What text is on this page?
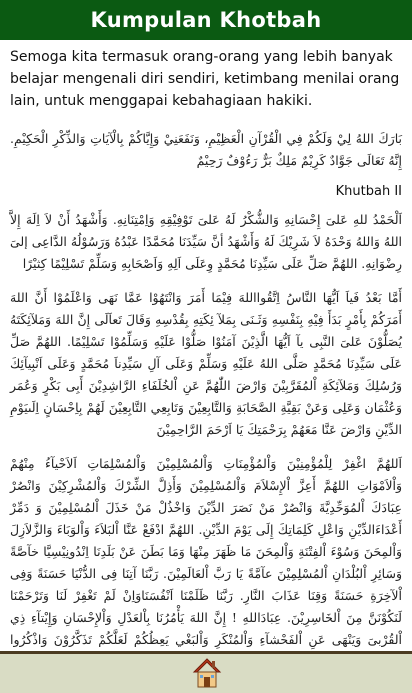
Kumpulan Khotbah
Semoga kita termasuk orang-orang yang lebih banyak belajar mengenali diri sendiri, ketimbang menilai orang lain, untuk menggapai kebahagiaan hakiki.
بَارَكَ اللهُ لِيْ وَلَكُمْ فِي الْقُرْآنِ الْعَظِيْمِ، وَنَفَعَنِيْ وَإِيَّاكُمْ بِالْآيَاتِ وَالذِّكْرِ الْحَكِيْمِ. إِنَّهُ تَعَالَى جَوَّادٌ كَرِيْمٌ مَلِكٌ بَرٌّ رَءُوْفٌ رَحِيْمٌ
Khutbah II
اَلْحَمْدُ للهِ عَلىَ إِحْسَانِهِ وَالشُّكْرُ لَهُ عَلىَ تَوْفِيْقِهِ وَاِمْتِنَانِهِ. وَأَشْهَدُ أَنْ لاَ اِلَهَ إِلاَّ اللهُ وَاللهُ وَحْدَهُ لاَ شَرِيْكَ لَهُ وَأَشْهَدُ أنَّ سَيِّدَنَا مُحَمَّدًا عَبْدُهُ وَرَسُوْلُهُ الدَّاعِى إلىَ رِضْوَانِهِ. اللهُمَّ صَلِّ عَلَى سَيِّدِنَا مُحَمَّدٍ وِعَلَى اَلِهِ وَاَصْحَابِهِ وَسَلِّمْ تَسْلِيْمًا كِثيْرًا
أَمَّا بَعْدُ فَياَ اَيُّهَا النَّاسُ اِتَّقُوااللهَ فِيْمَا أَمَرَ وَانْتَهُوْا عَمَّا نَهَى وَاعْلَمُوْا أَنَّ اللهَ أَمَرَكُمْ بِأَمْرٍ بَدَأَ فِيْهِ بِنَفْسِهِ وَثَـنَى بِمَلآ ئِكَتِهِ بِقُدْسِهِ وَقَالَ تَعاَلَى إِنَّ اللهَ وَمَلآئِكَتَهُ يُصَلُّوْنَ عَلىَ النَّبِى يآ اَيُّهَا الَّذِيْنَ آمَنُوْا صَلُّوْا عَلَيْهِ وَسَلِّمُوْا تَسْلِيْمًا. اللهُمَّ صَلِّ عَلَى سَيِّدِنَا مُحَمَّدٍ صَلَّى اللهُ عَلَيْهِ وَسَلِّمْ وَعَلَى آلِ سَيِّدِناَ مُحَمَّدٍ وَعَلَى اَنْبِيآئِكَ وَرُسُلِكَ وَمَلآئِكَةِ اْلمُقَرَّبِيْنَ وَارْضَ اللّٰهُمَّ عَنِ اْلخُلَفَاءِ الرَّاشِدِيْنَ أَبِى بَكْرٍ وَعُمَر وَعُثْمَان وَعَلِى وَعَنْ بَقِيَّةِ الصَّحَابَةِ وَالتَّابِعِيْنَ وَتَابِعِي التَّابِعِيْنَ لَهُمْ بِاِحْسَانٍ اِلَىيَوْمِ الدِّيْنِ وَارْضَ عَنَّا مَعَهُمْ بِرَحْمَتِكَ يَا اَرْحَمَ الرَّاحِمِيْنَ
اَللهُمَّ اغْفِرْ لِلْمُؤْمِنِيْنَ وَاْلمُؤْمِنَاتِ وَاْلمُسْلِمِيْنَ وَاْلمُسْلِمَاتِ اَلاَحْيآءُ مِنْهُمْ وَاْلاَمْوَاتِ اللهُمَّ أَعِزَّ اْلإِسْلاَمَ وَاْلمُسْلِمِيْنَ وَأَذِلَّ الشِّرْكَ وَاْلمُشْرِكِيْنَ وَانْصُرْ عِبَادَكَ اْلمُوَحِّدِيَّةَ وَانْصُرْ مَنْ نَصَرَ الدِّيْنَ وَاخْذُلْ مَنْ خَذَلَ اْلمُسْلِمِيْنَ وَ دَمِّرْ أَعْدَاءَالدِّيْنِ وَاعْلِ كَلِمَاتِكَ إِلَى يَوْمَ الدِّيْنِ. اللهُمَّ ادْفَعْ عَنَّا اْلبَلاَءَ وَاْلوَبَاءَ وَالزَّلاَزِلَ وَاْلمِحَنَ وَسُوْءَ اْلفِتْنَةِ وَاْلمِحَنَ مَا ظَهَرَ مِنْهَا وَمَا بَطَنَ عَنْ بَلَدِنَا اِنْدُونِيْسِيَّا خآصَّةً وَسَائِرِ اْلبُلْدَانِ اْلمُسْلِمِيْنَ عآمَّةً يَا رَبَّ اْلعَالَمِيْنَ. رَبَّنَا آتِنَا فِى الدُّنْيَا حَسَنَةً وَفِى اْلآخِرَةِ حَسَنَةً وَقِنَا عَذَابَ النَّارِ. رَبَّنَا ظَلَمْنَا اَنْفُسَنَاوَاِنْ لَمْ تَغْفِرْ لَنَا وَتَرْحَمْنَا لَنَكُوْنَنَّ مِنَ اْلخَاسِرِيْنَ. عِبَادَاللهِ ! إِنَّ اللهَ يَأْمُرُنَا بِاْلعَدْلِ وَاْلإِحْسَانِ وَإِيْتآءِ ذِي اْلقُرْبىَ وَيَنْهَى عَنِ اْلفَحْشآءِ وَاْلمُنْكَرِ وَاْلبَغْي يَعِظُكُمْ لَعَلَّكُمْ تَذَكَّرُوْنَ وَاذْكُرُوا
